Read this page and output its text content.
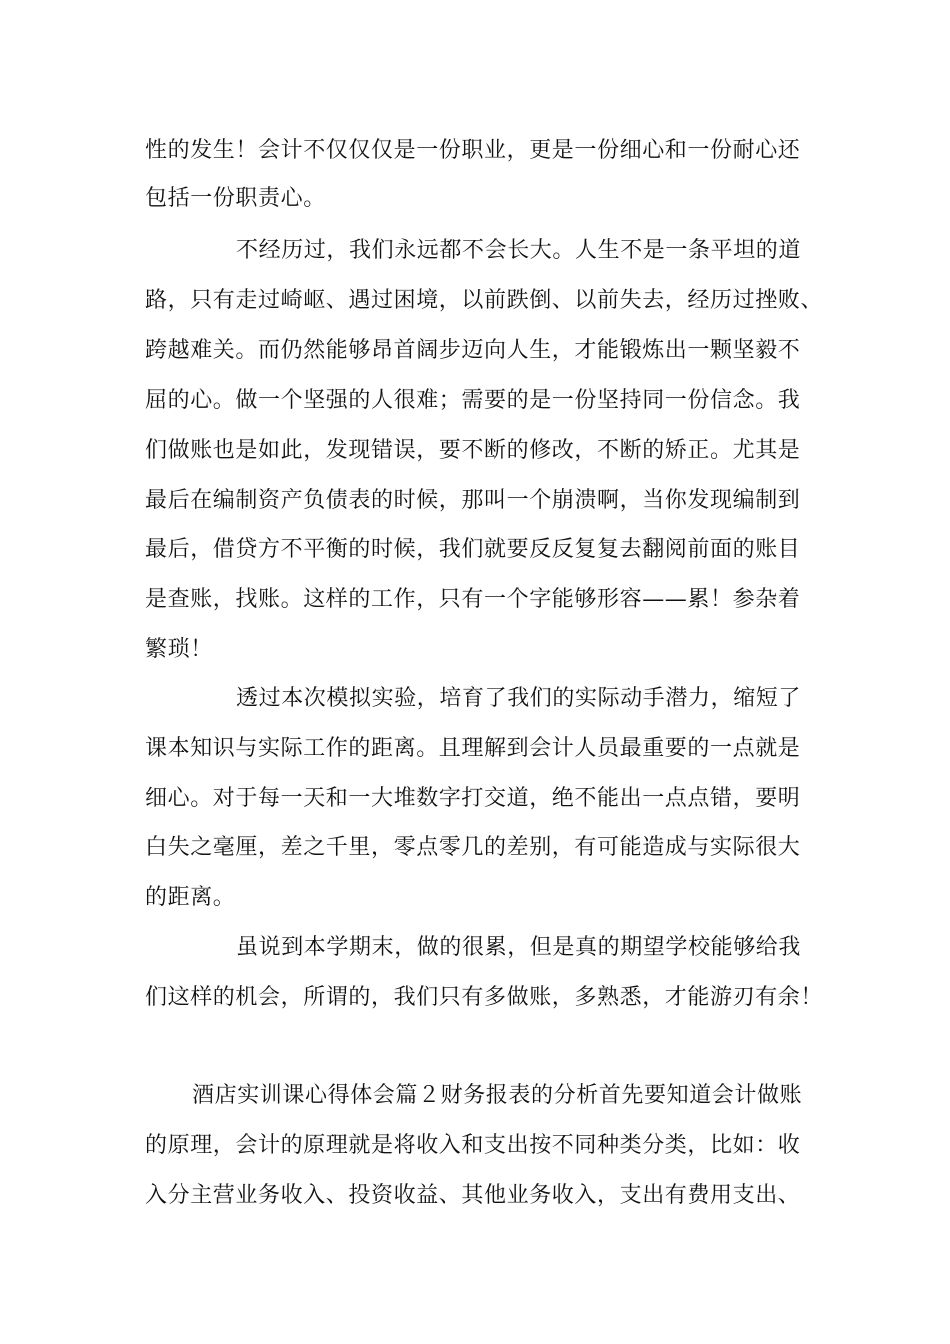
性的发生！会计不仅仅仅是一份职业，更是一份细心和一份耐心还
包括一份职责心。
不经历过，我们永远都不会长大。人生不是一条平坦的道
路，只有走过崎岖、遇过困境，以前跌倒、以前失去，经历过挫败、
跨越难关。而仍然能够昂首阔步迈向人生，才能锻炼出一颗坚毅不
屈的心。做一个坚强的人很难；需要的是一份坚持同一份信念。我
们做账也是如此，发现错误，要不断的修改，不断的矫正。尤其是
最后在编制资产负债表的时候，那叫一个崩溃啊，当你发现编制到
最后，借贷方不平衡的时候，我们就要反反复复去翻阅前面的账目
是查账，找账。这样的工作，只有一个字能够形容——累！参杂着
繁琐！
透过本次模拟实验，培育了我们的实际动手潜力，缩短了
课本知识与实际工作的距离。且理解到会计人员最重要的一点就是
细心。对于每一天和一大堆数字打交道，绝不能出一点点错，要明
白失之毫厘，差之千里，零点零几的差别，有可能造成与实际很大
的距离。
虽说到本学期末，做的很累，但是真的期望学校能够给我
们这样的机会，所谓的，我们只有多做账，多熟悉，才能游刃有余！
酒店实训课心得体会篇２财务报表的分析首先要知道会计做账
的原理，会计的原理就是将收入和支出按不同种类分类，比如：收
入分主营业务收入、投资收益、其他业务收入，支出有费用支出、
